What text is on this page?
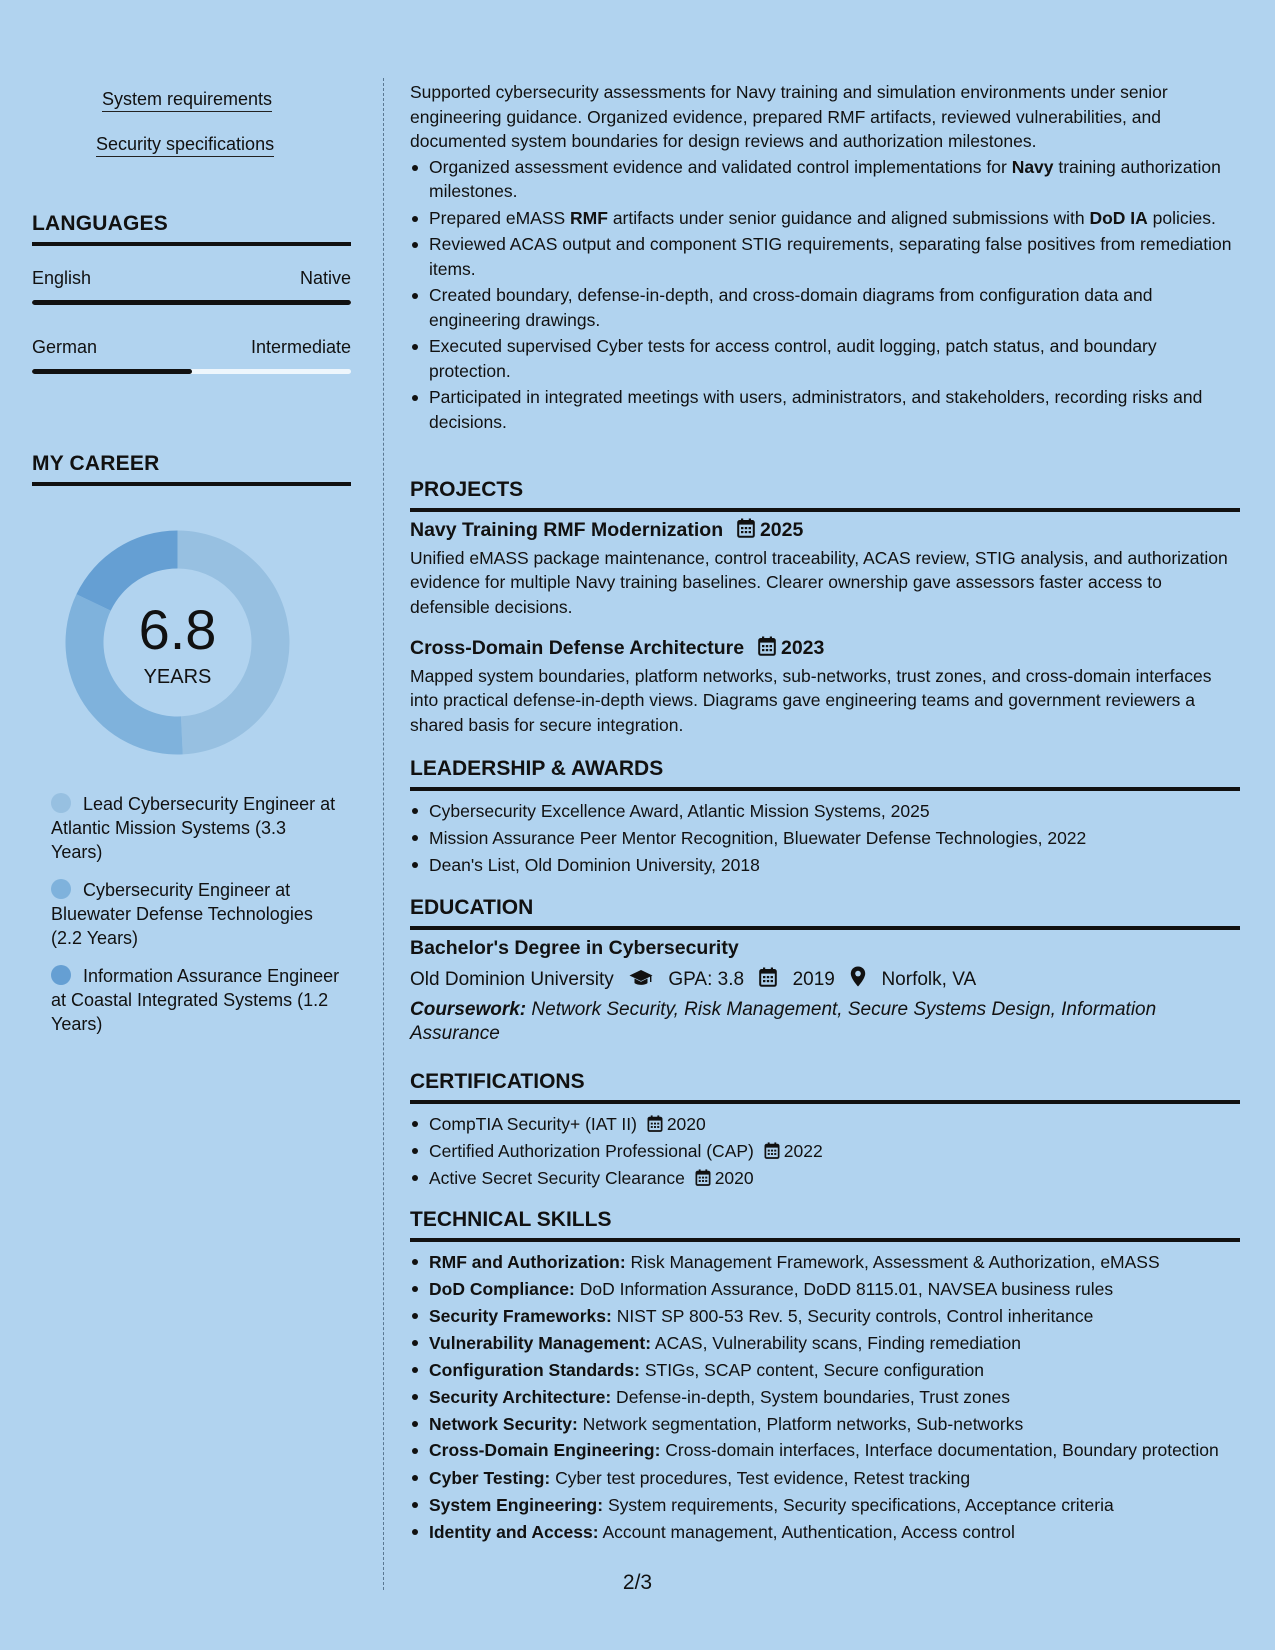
System requirements
Security specifications
LANGUAGES
English	Native
German	Intermediate
MY CAREER
6.8
YEARS
Lead Cybersecurity Engineer at Atlantic Mission Systems (3.3 Years)
Cybersecurity Engineer at Bluewater Defense Technologies (2.2 Years)
Information Assurance Engineer at Coastal Integrated Systems (1.2 Years)

Supported cybersecurity assessments for Navy training and simulation environments under senior engineering guidance. Organized evidence, prepared RMF artifacts, reviewed vulnerabilities, and documented system boundaries for design reviews and authorization milestones.

Organized assessment evidence and validated control implementations for Navy training authorization milestones.
Prepared eMASS RMF artifacts under senior guidance and aligned submissions with DoD IA policies.
Reviewed ACAS output and component STIG requirements, separating false positives from remediation items.
Created boundary, defense-in-depth, and cross-domain diagrams from configuration data and engineering drawings.
Executed supervised Cyber tests for access control, audit logging, patch status, and boundary protection.
Participated in integrated meetings with users, administrators, and stakeholders, recording risks and decisions.
PROJECTS
Navy Training RMF Modernization 2025

Unified eMASS package maintenance, control traceability, ACAS review, STIG analysis, and authorization evidence for multiple Navy training baselines. Clearer ownership gave assessors faster access to defensible decisions.

Cross-Domain Defense Architecture 2023

Mapped system boundaries, platform networks, sub-networks, trust zones, and cross-domain interfaces into practical defense-in-depth views. Diagrams gave engineering teams and government reviewers a shared basis for secure integration.

LEADERSHIP & AWARDS
Cybersecurity Excellence Award, Atlantic Mission Systems, 2025
Mission Assurance Peer Mentor Recognition, Bluewater Defense Technologies, 2022
Dean's List, Old Dominion University, 2018
EDUCATION
Bachelor's Degree in Cybersecurity
Old Dominion University	GPA: 3.8	2019 Norfolk, VA

Coursework: Network Security, Risk Management, Secure Systems Design, Information Assurance

CERTIFICATIONS
CompTIA Security+ (IAT II) 2020
Certified Authorization Professional (CAP) 2022
Active Secret Security Clearance 2020
TECHNICAL SKILLS
RMF and Authorization: Risk Management Framework, Assessment & Authorization, eMASS
DoD Compliance: DoD Information Assurance, DoDD 8115.01, NAVSEA business rules
Security Frameworks: NIST SP 800-53 Rev. 5, Security controls, Control inheritance
Vulnerability Management: ACAS, Vulnerability scans, Finding remediation
Configuration Standards: STIGs, SCAP content, Secure configuration
Security Architecture: Defense-in-depth, System boundaries, Trust zones
Network Security: Network segmentation, Platform networks, Sub-networks
Cross-Domain Engineering: Cross-domain interfaces, Interface documentation, Boundary protection
Cyber Testing: Cyber test procedures, Test evidence, Retest tracking
System Engineering: System requirements, Security specifications, Acceptance criteria
Identity and Access: Account management, Authentication, Access control
2/3
